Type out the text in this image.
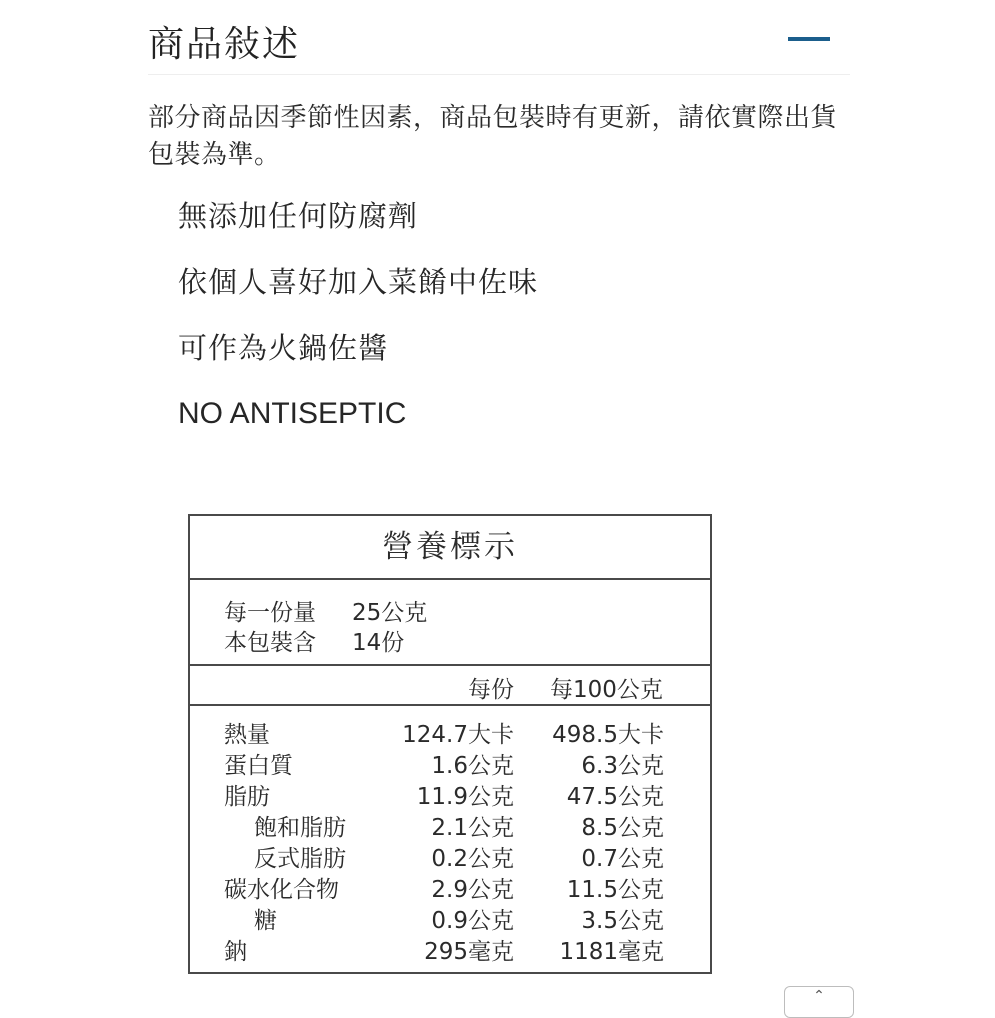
商品敍述
部分商品因季節性因素，商品包裝時有更新，請依實際出貨包裝為準。
無添加任何防腐劑
依個人喜好加入菜餚中佐味
可作為火鍋佐醬
NO ANTISEPTIC
營養標示
每一份量 25公克
本包裝含 14份
每份 每100公克
熱量	124.7大卡 498.5大卡
蛋白質	1.6公克	6.3公克
脂肪	11.9公克 47.5公克
飽和脂肪	2.1公克	8.5公克
反式脂肪	0.2公克	0.7公克
碳水化合物	2.9公克 11.5公克
糖	0.9公克	3.5公克
鈉	295毫克 1181毫克
⌃
